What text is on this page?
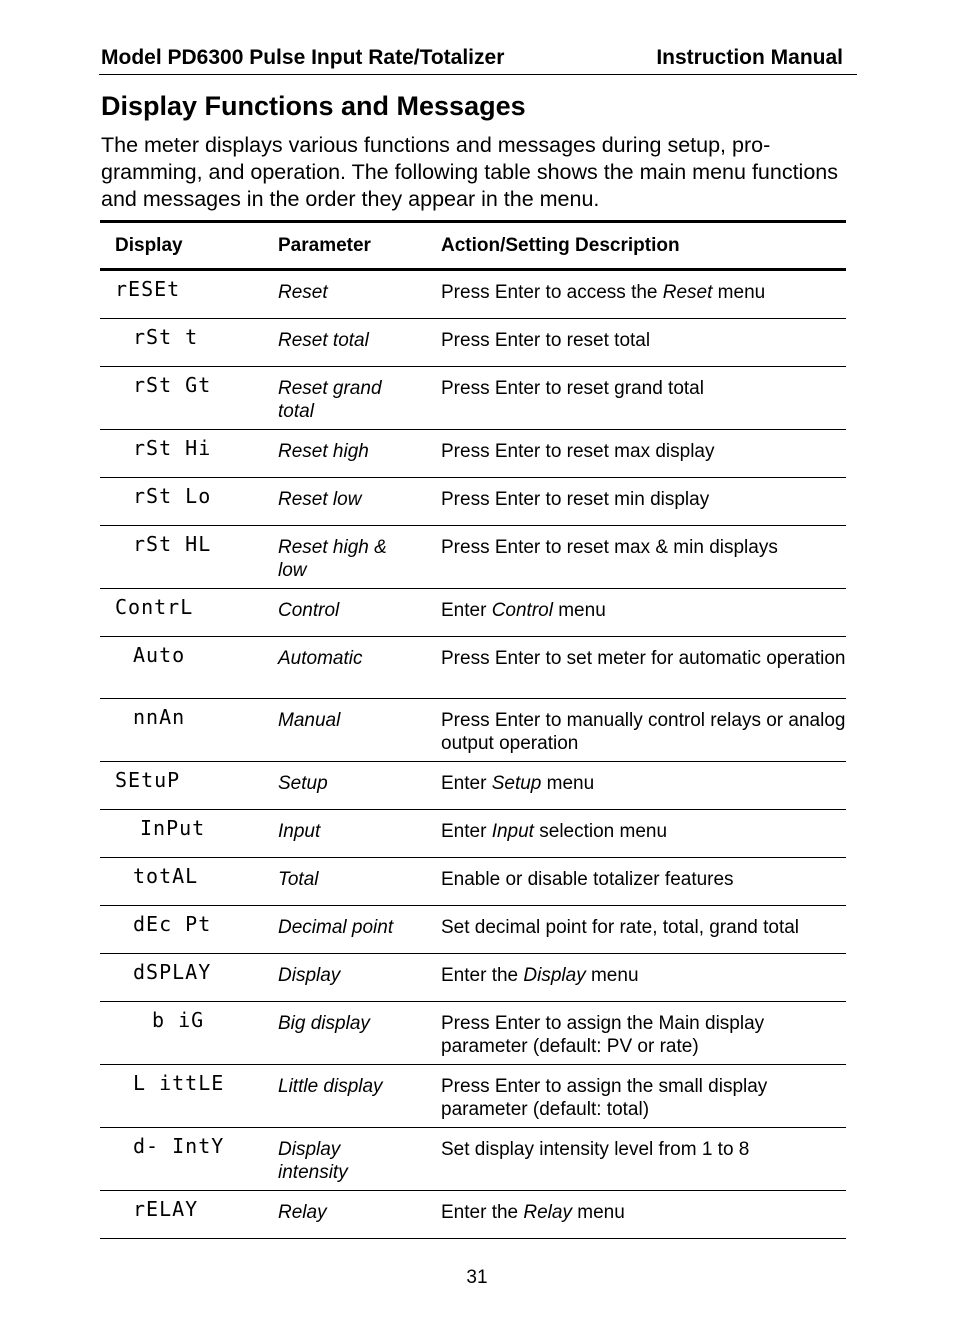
Model PD6300 Pulse Input Rate/Totalizer	Instruction Manual
Display Functions and Messages

The meter displays various functions and messages during setup, pro-gramming, and operation. The following table shows the main menu functions and messages in the order they appear in the menu.

Display	Parameter	Action/Setting Description
rESEt	Reset	Press Enter to access the Reset menu
rSt t	Reset total	Press Enter to reset total
rSt Gt	Reset grand total	Press Enter to reset grand total
rSt Hi	Reset high	Press Enter to reset max display
rSt Lo	Reset low	Press Enter to reset min display
rSt HL	Reset high & low	Press Enter to reset max & min displays
ContrL	Control	Enter Control menu
Auto	Automatic	Press Enter to set meter for automatic operation
nnAn	Manual	Press Enter to manually control relays or analog output operation
SEtuP	Setup	Enter Setup menu
InPut	Input	Enter Input selection menu
totAL	Total	Enable or disable totalizer features
dEc Pt	Decimal point	Set decimal point for rate, total, grand total
dSPLAY	Display	Enter the Display menu
b iG	Big display	Press Enter to assign the Main display parameter (default: PV or rate)
L ittLE	Little display	Press Enter to assign the small display parameter (default: total)
d- IntY	Display intensity	Set display intensity level from 1 to 8
rELAY	Relay	Enter the Relay menu
31
